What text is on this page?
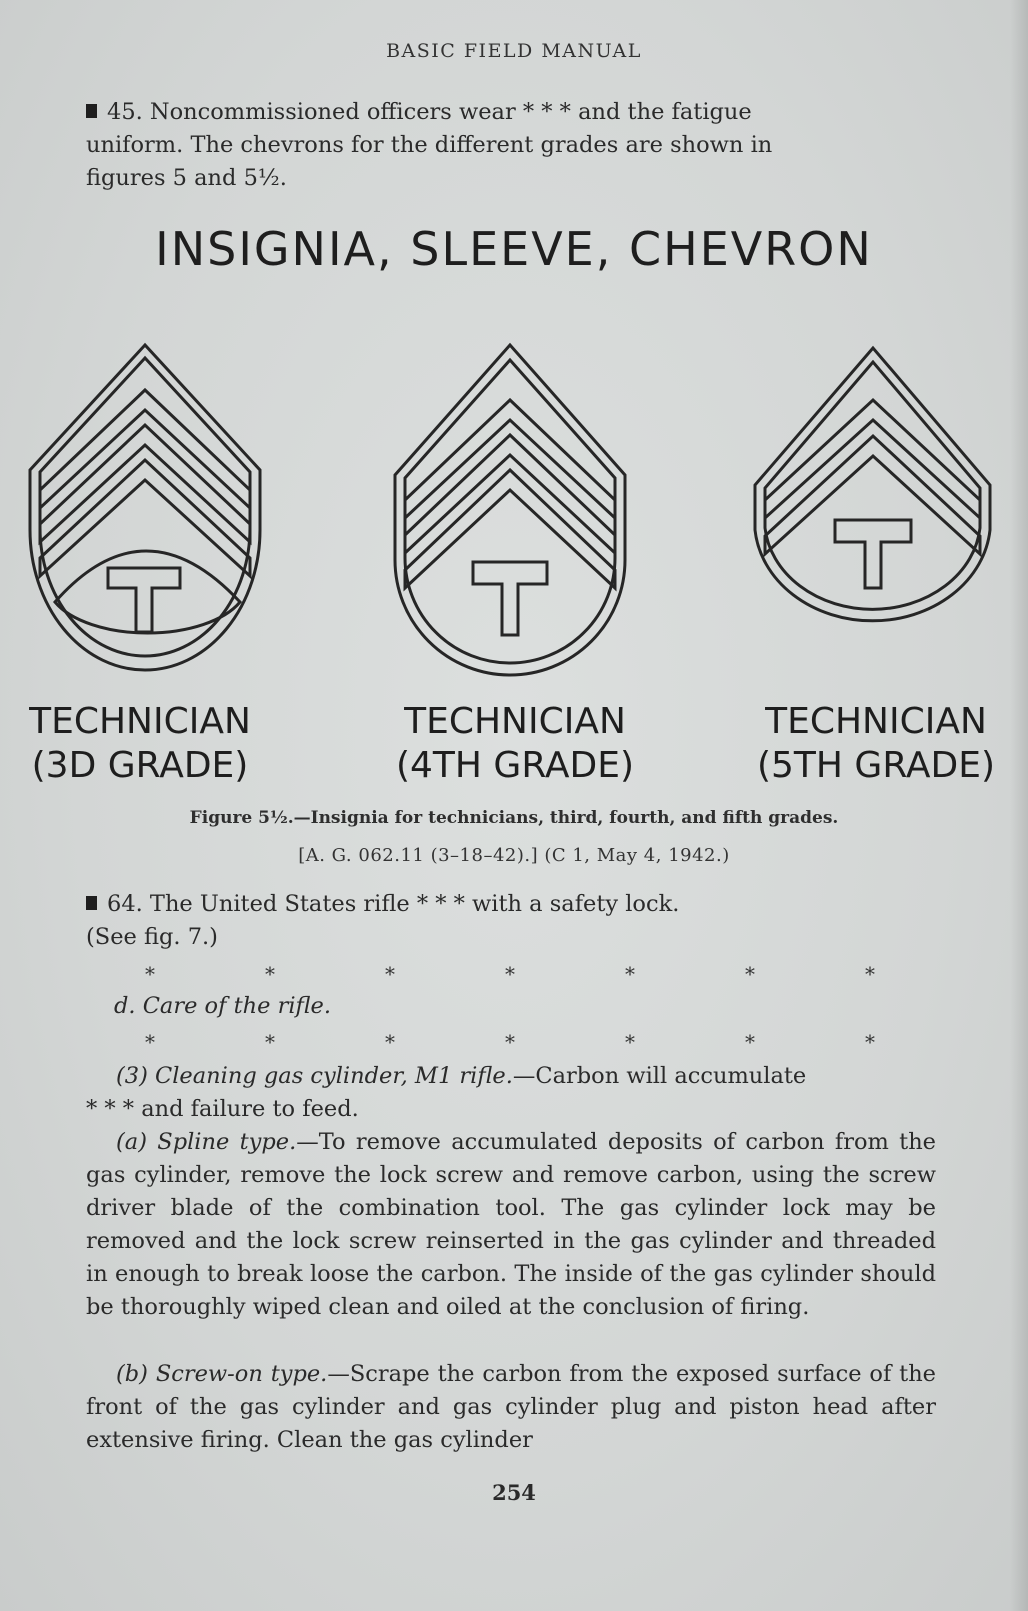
BASIC FIELD MANUAL

45. Noncommissioned officers wear * * * and the fatigue
uniform. The chevrons for the different grades are shown in
figures 5 and 5½.

INSIGNIA, SLEEVE, CHEVRON
TECHNICIAN
(3D GRADE)
TECHNICIAN
(4TH GRADE)
TECHNICIAN
(5TH GRADE)
Figure 5½.—Insignia for technicians, third, fourth, and fifth grades.
[A. G. 062.11 (3–18–42).] (C 1, May 4, 1942.)

64. The United States rifle * * * with a safety lock.
(See fig. 7.)

*	*	*	*	*	*	*

d. Care of the rifle.

*	*	*	*	*	*	*

(3) Cleaning gas cylinder, M1 rifle.—Carbon will accumulate
* * * and failure to feed.

(a) Spline type.—To remove accumulated deposits of carbon from the gas cylinder, remove the lock screw and remove carbon, using the screw driver blade of the combination tool. The gas cylinder lock may be removed and the lock screw reinserted in the gas cylinder and threaded in enough to break loose the carbon. The inside of the gas cylinder should be thoroughly wiped clean and oiled at the conclusion of firing.

(b) Screw-on type.—Scrape the carbon from the exposed surface of the front of the gas cylinder and gas cylinder plug and piston head after extensive firing. Clean the gas cylinder

254
